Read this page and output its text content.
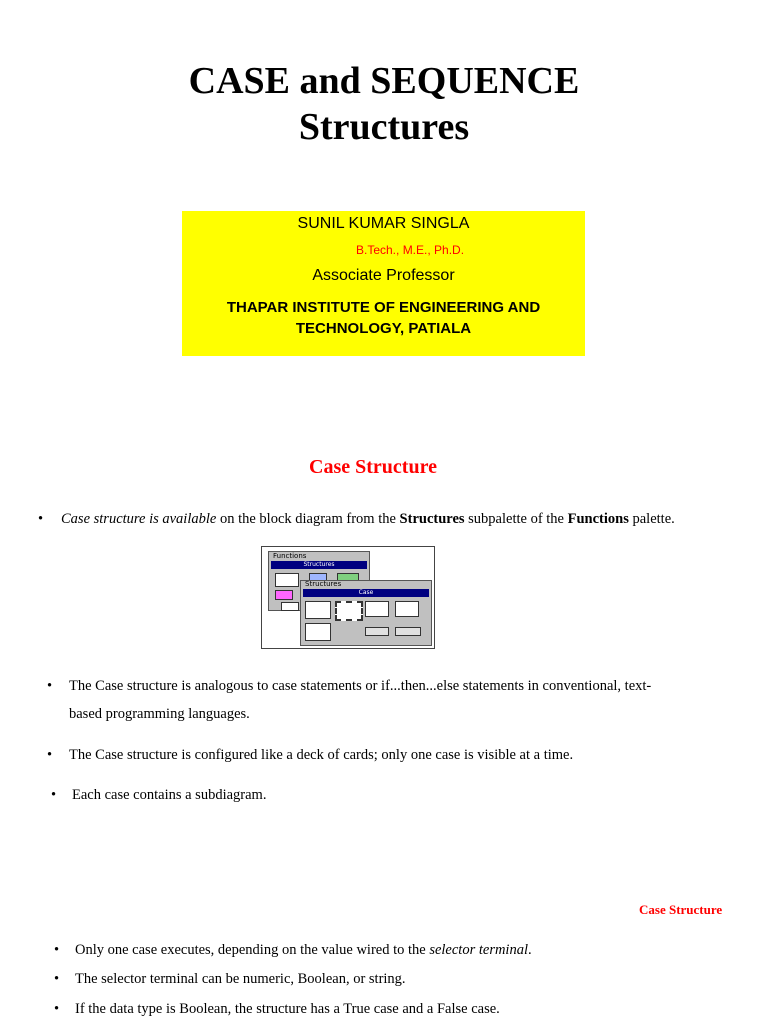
CASE and SEQUENCE
Structures
SUNIL KUMAR SINGLA
B.Tech., M.E., Ph.D.
Associate Professor
THAPAR INSTITUTE OF ENGINEERING AND
TECHNOLOGY, PATIALA
Case Structure
• Case structure is available on the block diagram from the Structures subpalette of the Functions palette.
Functions
Structures
Structures
Case
• The Case structure is analogous to case statements or if...then...else statements in conventional, text-
based programming languages.
• The Case structure is configured like a deck of cards; only one case is visible at a time.
• Each case contains a subdiagram.
Case Structure
• Only one case executes, depending on the value wired to the selector terminal.
• The selector terminal can be numeric, Boolean, or string.
• If the data type is Boolean, the structure has a True case and a False case.
